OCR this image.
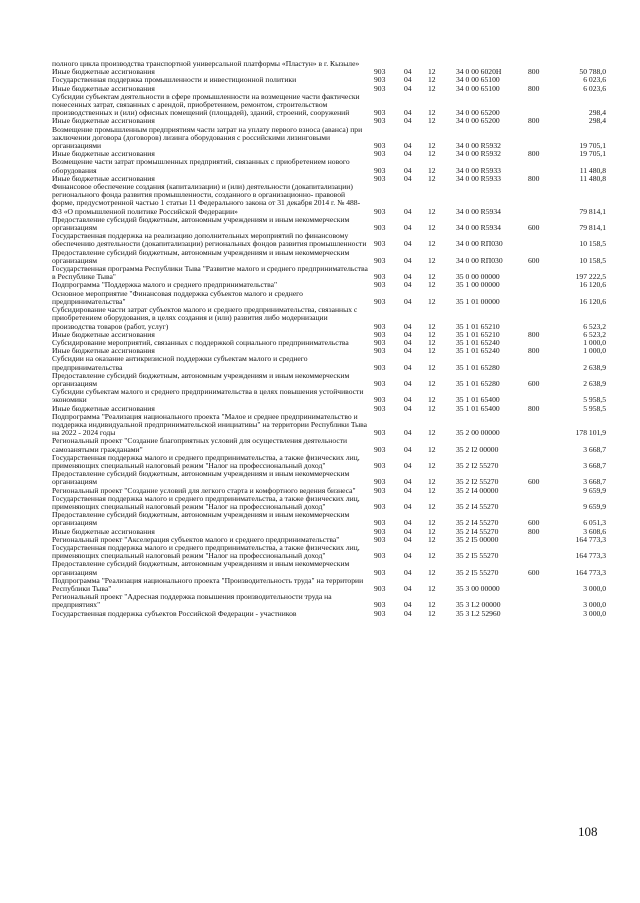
полного цикла производства транспортной универсальной платформы «Пластун» в г. Кызыле»						
Иные бюджетные ассигнования	903	04	12	34 0 00 6020Н	800	50 788,0
Государственная поддержка промышленности и инвестиционной политики	903	04	12	34 0 00 65100		6 023,6
Иные бюджетные ассигнования	903	04	12	34 0 00 65100	800	6 023,6
Субсидии субъектам деятельности в сфере промышленности на возмещение части фактически понесенных затрат, связанных с арендой, приобретением, ремонтом, строительством производственных и (или) офисных помещений (площадей), зданий, строений, сооружений	903	04	12	34 0 00 65200		298,4
Иные бюджетные ассигнования	903	04	12	34 0 00 65200	800	298,4
Возмещение промышленным предприятиям части затрат на уплату первого взноса (аванса) при заключении договора (договоров) лизинга оборудования с российскими лизинговыми организациями	903	04	12	34 0 00 R5932		19 705,1
Иные бюджетные ассигнования	903	04	12	34 0 00 R5932	800	19 705,1
Возмещение части затрат промышленных предприятий, связанных с приобретением нового оборудования	903	04	12	34 0 00 R5933		11 480,8
Иные бюджетные ассигнования	903	04	12	34 0 00 R5933	800	11 480,8
Финансовое обеспечение создания (капитализации) и (или) деятельности (докапитализации) регионального фонда развития промышленности, созданного в организационно- правовой форме, предусмотренной частью 1 статьи 11 Федерального закона от 31 декабря 2014 г. № 488-ФЗ «О промышленной политике Российской Федерации»	903	04	12	34 0 00 R5934		79 814,1
Предоставление субсидий бюджетным, автономным учреждениям и иным некоммерческим организациям	903	04	12	34 0 00 R5934	600	79 814,1
Государственная поддержка на реализацию дополнительных мероприятий по финансовому обеспечению деятельности (докапитализации) региональных фондов развития промышленности	903	04	12	34 0 00 RП030		10 158,5
Предоставление субсидий бюджетным, автономным учреждениям и иным некоммерческим организациям	903	04	12	34 0 00 RП030	600	10 158,5
Государственная программа Республики Тыва "Развитие малого и среднего предпринимательства в Республике Тыва"	903	04	12	35 0 00 00000		197 222,5
Подпрограмма "Поддержка малого и среднего предпринимательства"	903	04	12	35 1 00 00000		16 120,6
Основное мероприятие "Финансовая поддержка субъектов малого и среднего предпринимательства"	903	04	12	35 1 01 00000		16 120,6
Субсидирование части затрат субъектов малого и среднего предпринимательства, связанных с приобретением оборудования, в целях создания и (или) развития либо модернизации производства товаров (работ, услуг)	903	04	12	35 1 01 65210		6 523,2
Иные бюджетные ассигнования	903	04	12	35 1 01 65210	800	6 523,2
Субсидирование мероприятий, связанных с поддержкой социального предпринимательства	903	04	12	35 1 01 65240		1 000,0
Иные бюджетные ассигнования	903	04	12	35 1 01 65240	800	1 000,0
Субсидии на оказание антикризисной поддержки субъектам малого и среднего предпринимательства	903	04	12	35 1 01 65280		2 638,9
Предоставление субсидий бюджетным, автономным учреждениям и иным некоммерческим организациям	903	04	12	35 1 01 65280	600	2 638,9
Субсидии субъектам малого и среднего предпринимательства в целях повышения устойчивости экономики	903	04	12	35 1 01 65400		5 958,5
Иные бюджетные ассигнования	903	04	12	35 1 01 65400	800	5 958,5
Подпрограмма "Реализация национального проекта "Малое и среднее предпринимательство и поддержка индивидуальной предпринимательской инициативы" на территории Республики Тыва на 2022 - 2024 годы	903	04	12	35 2 00 00000		178 101,9
Региональный проект "Создание благоприятных условий для осуществления деятельности самозанятыми гражданами"	903	04	12	35 2 I2 00000		3 668,7
Государственная поддержка малого и среднего предпринимательства, а также физических лиц, применяющих специальный налоговый режим "Налог на профессиональный доход"	903	04	12	35 2 I2 55270		3 668,7
Предоставление субсидий бюджетным, автономным учреждениям и иным некоммерческим организациям	903	04	12	35 2 I2 55270	600	3 668,7
Региональный проект "Создание условий для легкого старта и комфортного ведения бизнеса"	903	04	12	35 2 I4 00000		9 659,9
Государственная поддержка малого и среднего предпринимательства, а также физических лиц, применяющих специальный налоговый режим "Налог на профессиональный доход"	903	04	12	35 2 I4 55270		9 659,9
Предоставление субсидий бюджетным, автономным учреждениям и иным некоммерческим организациям	903	04	12	35 2 I4 55270	600	6 051,3
Иные бюджетные ассигнования	903	04	12	35 2 I4 55270	800	3 608,6
Региональный проект "Акселерация субъектов малого и среднего предпринимательства"	903	04	12	35 2 I5 00000		164 773,3
Государственная поддержка малого и среднего предпринимательства, а также физических лиц, применяющих специальный налоговый режим "Налог на профессиональный доход"	903	04	12	35 2 I5 55270		164 773,3
Предоставление субсидий бюджетным, автономным учреждениям и иным некоммерческим организациям	903	04	12	35 2 I5 55270	600	164 773,3
Подпрограмма "Реализация национального проекта "Производительность труда" на территории Республики Тыва"	903	04	12	35 3 00 00000		3 000,0
Региональный проект "Адресная поддержка повышения производительности труда на предприятиях"	903	04	12	35 3 L2 00000		3 000,0
Государственная поддержка субъектов Российской Федерации - участников	903	04	12	35 3 L2 52960		3 000,0
108
